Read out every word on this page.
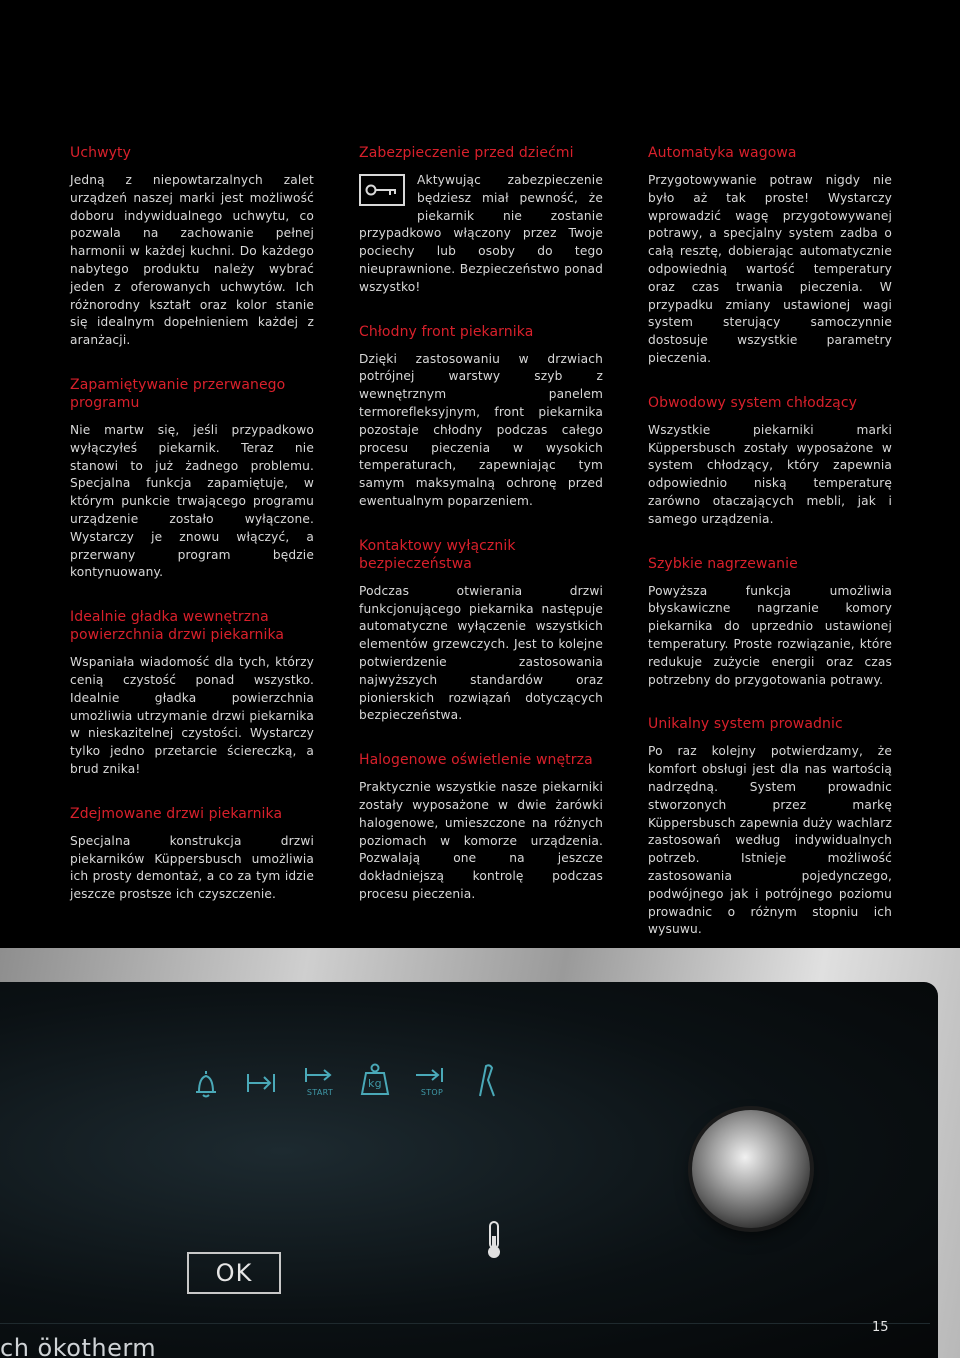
Uchwyty

Jedną z niepowtarzalnych zalet urządzeń naszej marki jest możliwość doboru indywidualnego uchwytu, co pozwala na zachowanie pełnej harmonii w każdej kuchni. Do każdego nabytego produktu należy wybrać jeden z oferowanych uchwytów. Ich różnorodny kształt oraz kolor stanie się idealnym dopełnieniem każdej z aranżacji.

Zapamiętywanie przerwanego programu

Nie martw się, jeśli przypadkowo wyłączyłeś piekarnik. Teraz nie stanowi to już żadnego problemu. Specjalna funkcja zapamiętuje, w którym punkcie trwającego programu urządzenie zostało wyłączone. Wystarczy je znowu włączyć, a przerwany program będzie kontynuowany.

Idealnie gładka wewnętrzna powierzchnia drzwi piekarnika

Wspaniała wiadomość dla tych, którzy cenią czystość ponad wszystko. Idealnie gładka powierzchnia umożliwia utrzymanie drzwi piekarnika w nieskazitelnej czystości. Wystarczy tylko jedno przetarcie ściereczką, a brud znika!

Zdejmowane drzwi piekarnika

Specjalna konstrukcja drzwi piekarników Küppersbusch umożliwia ich prosty demontaż, a co za tym idzie jeszcze prostsze ich czyszczenie.

Zabezpieczenie przed dziećmi

Aktywując zabezpieczenie będziesz miał pewność, że piekarnik nie zostanie przypadkowo włączony przez Twoje pociechy lub osoby do tego nieuprawnione. Bezpieczeństwo ponad wszystko!

Chłodny front piekarnika

Dzięki zastosowaniu w drzwiach potrójnej warstwy szyb z wewnętrznym panelem termorefleksyjnym, front piekarnika pozostaje chłodny podczas całego procesu pieczenia w wysokich temperaturach, zapewniając tym samym maksymalną ochronę przed ewentualnym poparzeniem.

Kontaktowy wyłącznik bezpieczeństwa

Podczas otwierania drzwi funkcjonującego piekarnika następuje automatyczne wyłączenie wszystkich elementów grzewczych. Jest to kolejne potwierdzenie zastosowania najwyższych standardów oraz pionierskich rozwiązań dotyczących bezpieczeństwa.

Halogenowe oświetlenie wnętrza

Praktycznie wszystkie nasze piekarniki zostały wyposażone w dwie żarówki halogenowe, umieszczone na różnych poziomach w komorze urządzenia. Pozwalają one na jeszcze dokładniejszą kontrolę podczas procesu pieczenia.

Automatyka wagowa

Przygotowywanie potraw nigdy nie było aż tak proste! Wystarczy wprowadzić wagę przygotowywanej potrawy, a specjalny system zadba o całą resztę, dobierając automatycznie odpowiednią wartość temperatury oraz czas trwania pieczenia. W przypadku zmiany ustawionej wagi system sterujący samoczynnie dostosuje wszystkie parametry pieczenia.

Obwodowy system chłodzący

Wszystkie piekarniki marki Küppersbusch zostały wyposażone w system chłodzący, który zapewnia odpowiednio niską temperaturę zarówno otaczających mebli, jak i samego urządzenia.

Szybkie nagrzewanie

Powyższa funkcja umożliwia błyskawiczne nagrzanie komory piekarnika do uprzednio ustawionej temperatury. Proste rozwiązanie, które redukuje zużycie energii oraz czas potrzebny do przygotowania potrawy.

Unikalny system prowadnic

Po raz kolejny potwierdzamy, że komfort obsługi jest dla nas wartością nadrzędną. System prowadnic stworzonych przez markę Küppersbusch zapewnia duży wachlarz zastosowań według indywidualnych potrzeb. Istnieje możliwość zastosowania pojedynczego, podwójnego jak i potrójnego poziomu prowadnic o różnym stopniu ich wysuwu.

START
kg
STOP
OK
ch ökotherm
15
